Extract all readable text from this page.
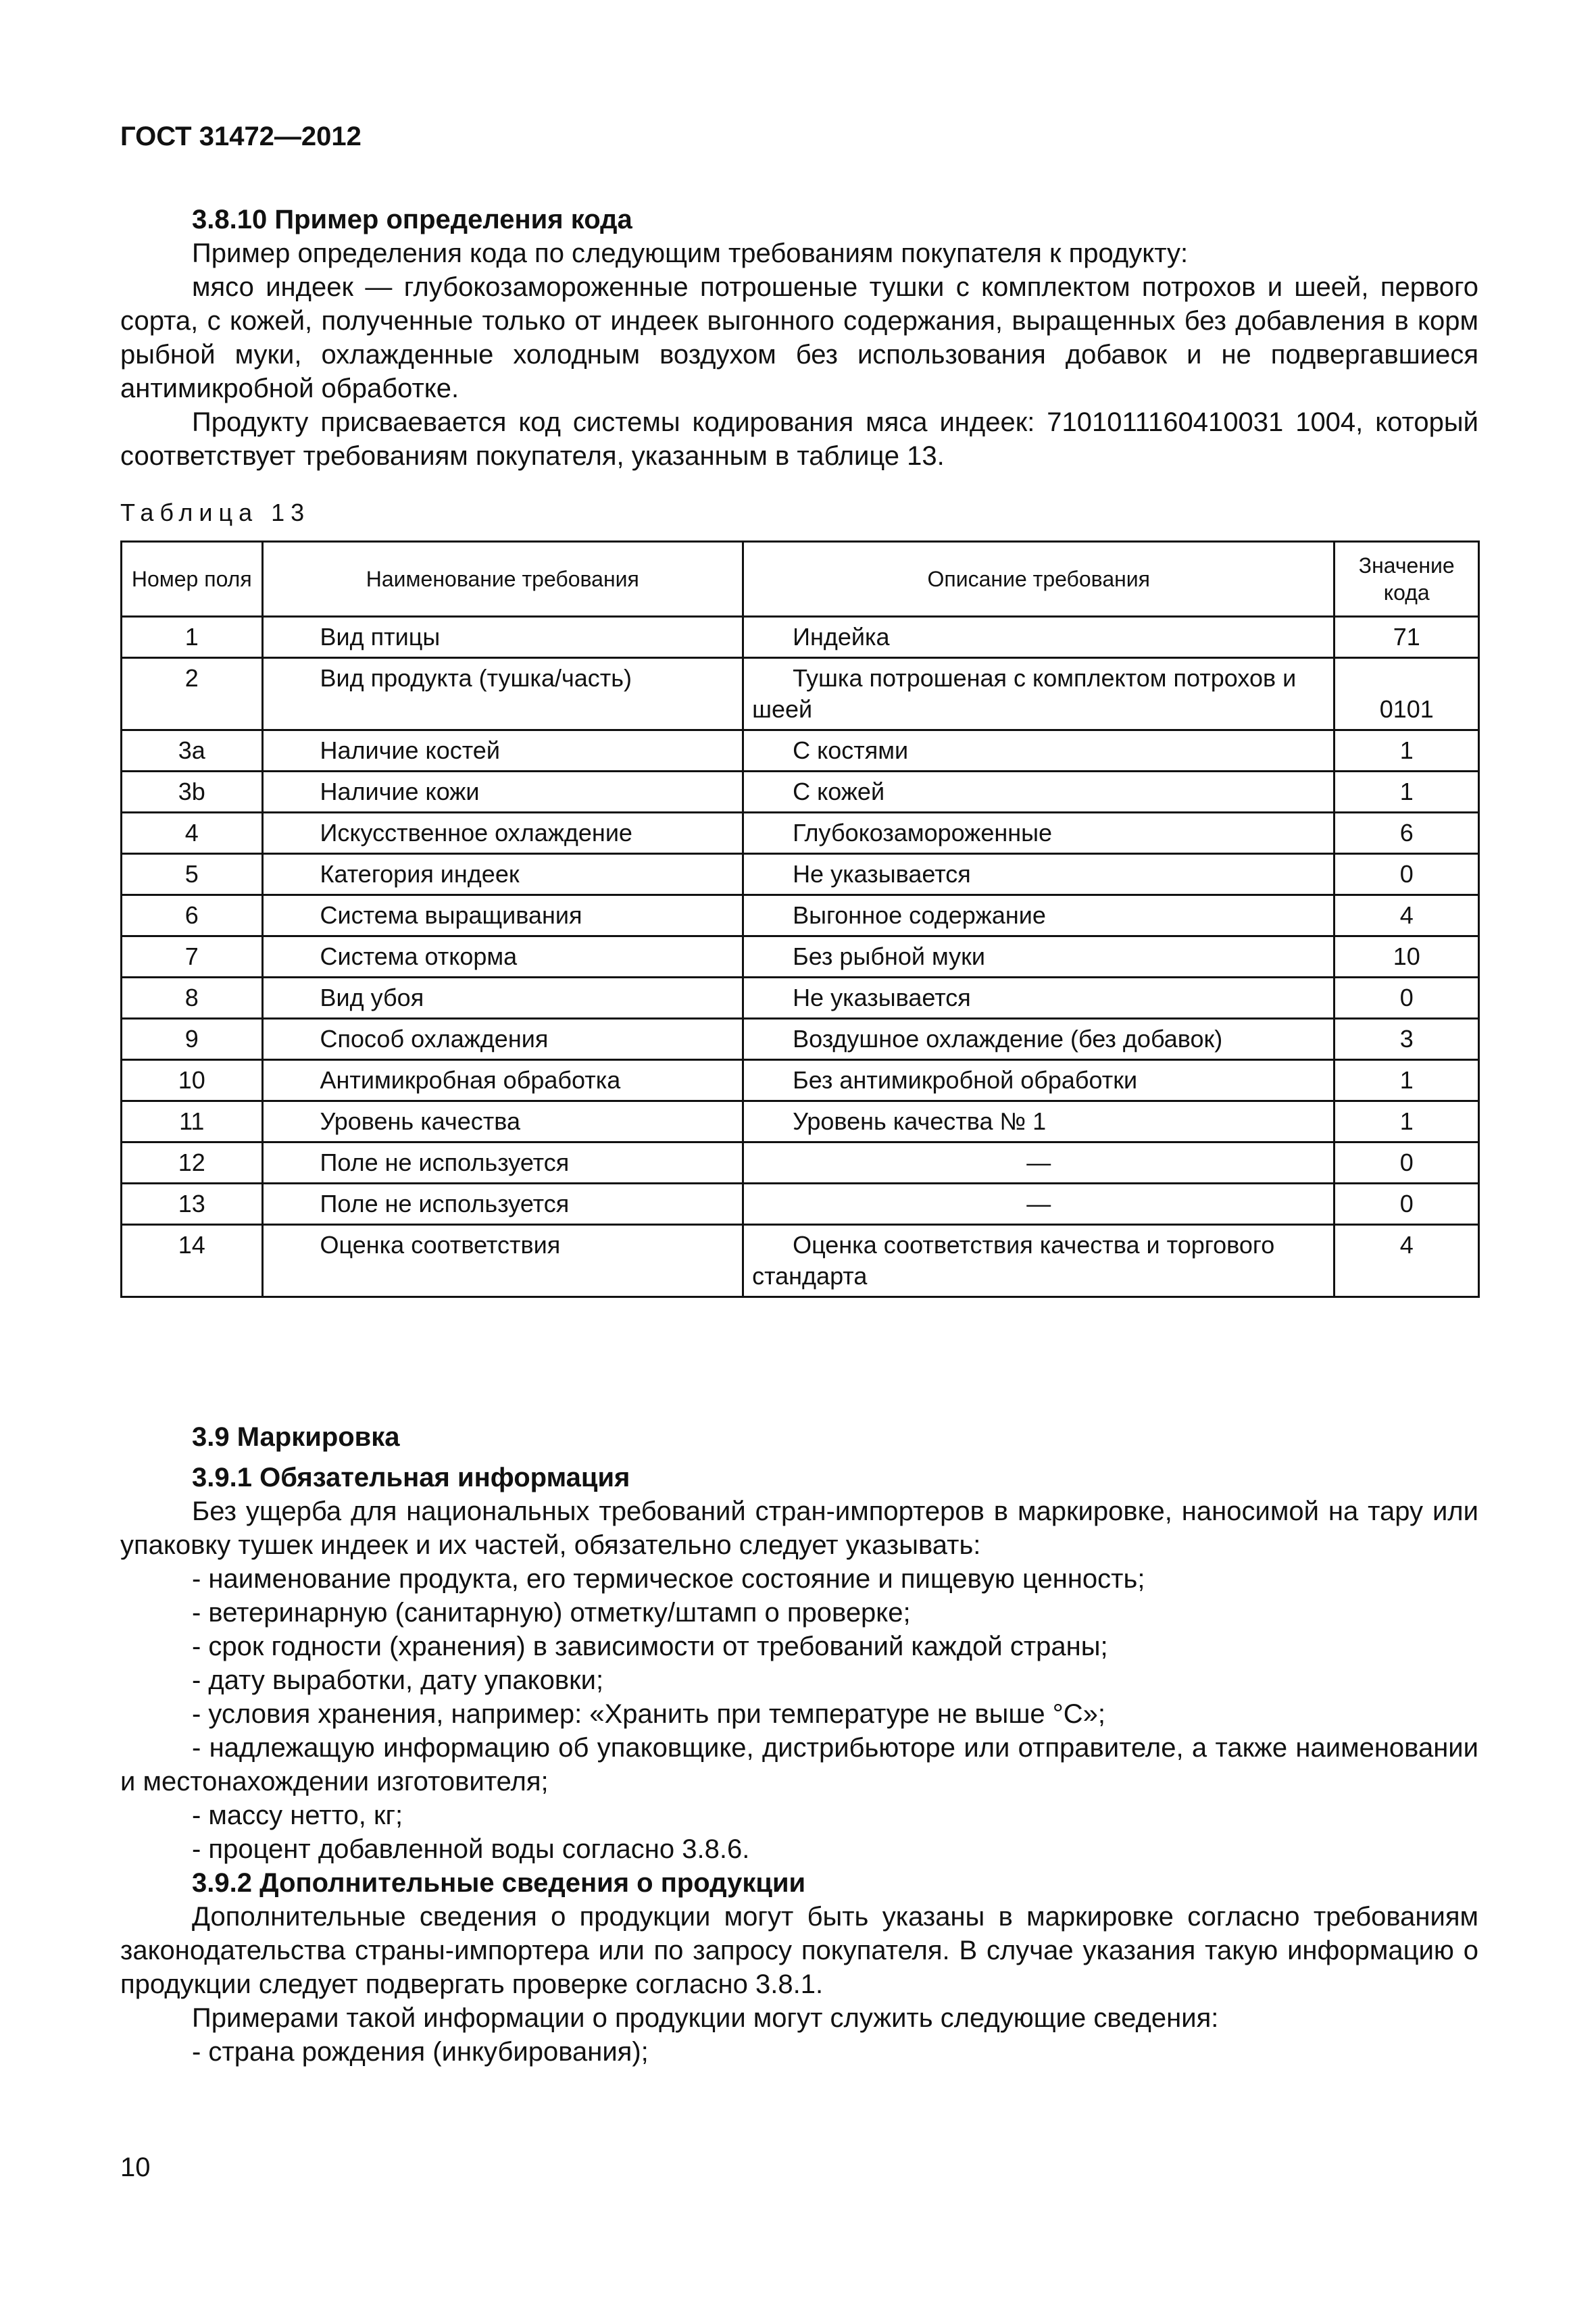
ГОСТ 31472—2012

3.8.10 Пример определения кода

Пример определения кода по следующим требованиям покупателя к продукту:

мясо индеек — глубокозамороженные потрошеные тушки с комплектом потрохов и шеей, первого сорта, с кожей, полученные только от индеек выгонного содержания, выращенных без добавления в корм рыбной муки, охлажденные холодным воздухом без использования добавок и не подвергавшиеся антимикробной обработке.

Продукту присваевается код системы кодирования мяса индеек: 7101011160410031 1004, который соответствует требованиям покупателя, указанным в таблице 13.

Таблица 13
Номер поля	Наименование требования	Описание требования	Значение кода
1	Вид птицы	Индейка	71
2	Вид продукта (тушка/часть)	Тушка потрошеная с комплектом потрохов и шеей	0101
3a	Наличие костей	С костями	1
3b	Наличие кожи	С кожей	1
4	Искусственное охлаждение	Глубокозамороженные	6
5	Категория индеек	Не указывается	0
6	Система выращивания	Выгонное содержание	4
7	Система откорма	Без рыбной муки	10
8	Вид убоя	Не указывается	0
9	Способ охлаждения	Воздушное охлаждение (без добавок)	3
10	Антимикробная обработка	Без антимикробной обработки	1
11	Уровень качества	Уровень качества № 1	1
12	Поле не используется	—	0
13	Поле не используется	—	0
14	Оценка соответствия	Оценка соответствия качества и торгового стандарта	4

3.9 Маркировка

3.9.1 Обязательная информация

Без ущерба для национальных требований стран-импортеров в маркировке, наносимой на тару или упаковку тушек индеек и их частей, обязательно следует указывать:

- наименование продукта, его термическое состояние и пищевую ценность;

- ветеринарную (санитарную) отметку/штамп о проверке;

- срок годности (хранения) в зависимости от требований каждой страны;

- дату выработки, дату упаковки;

- условия хранения, например: «Хранить при температуре не выше °С»;

- надлежащую информацию об упаковщике, дистрибьюторе или отправителе, а также наименовании и местонахождении изготовителя;

- массу нетто, кг;

- процент добавленной воды согласно 3.8.6.

3.9.2 Дополнительные сведения о продукции

Дополнительные сведения о продукции могут быть указаны в маркировке согласно требованиям законодательства страны-импортера или по запросу покупателя. В случае указания такую информацию о продукции следует подвергать проверке согласно 3.8.1.

Примерами такой информации о продукции могут служить следующие сведения:

- страна рождения (инкубирования);

10
